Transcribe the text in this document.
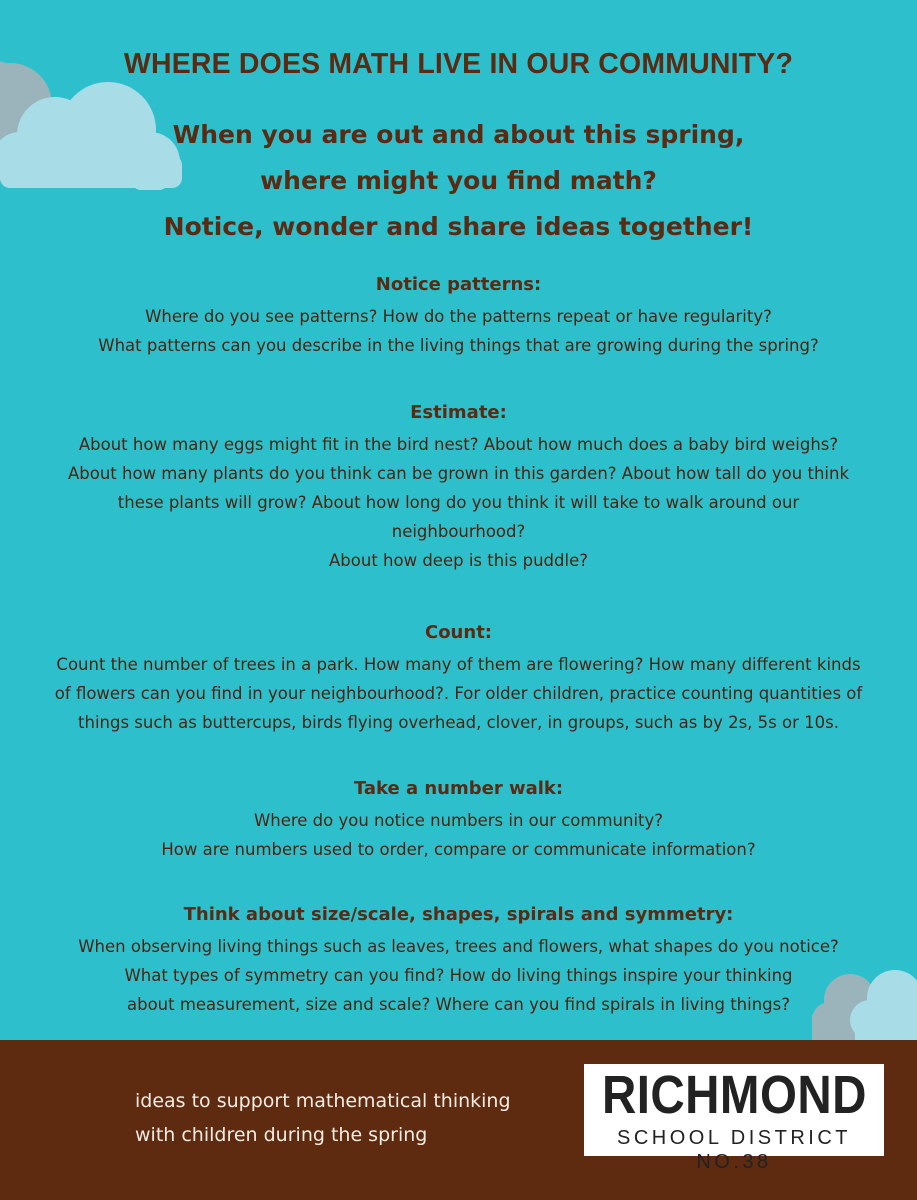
WHERE DOES MATH LIVE IN OUR COMMUNITY?
When you are out and about this spring,
where might you find math?
Notice, wonder and share ideas together!
Notice patterns:

Where do you see patterns? How do the patterns repeat or have regularity?
What patterns can you describe in the living things that are growing during the spring?

Estimate:

About how many eggs might fit in the bird nest? About how much does a baby bird weighs?
About how many plants do you think can be grown in this garden? About how tall do you think
these plants will grow? About how long do you think it will take to walk around our
neighbourhood?
About how deep is this puddle?

Count:

Count the number of trees in a park. How many of them are flowering? How many different kinds
of flowers can you find in your neighbourhood?. For older children, practice counting quantities of
things such as buttercups, birds flying overhead, clover, in groups, such as by 2s, 5s or 10s.

Take a number walk:

Where do you notice numbers in our community?
How are numbers used to order, compare or communicate information?

Think about size/scale, shapes, spirals and symmetry:

When observing living things such as leaves, trees and flowers, what shapes do you notice?
What types of symmetry can you find? How do living things inspire your thinking
about measurement, size and scale? Where can you find spirals in living things?

ideas to support mathematical thinking
with children during the spring
RICHMOND
SCHOOL DISTRICT NO.38
